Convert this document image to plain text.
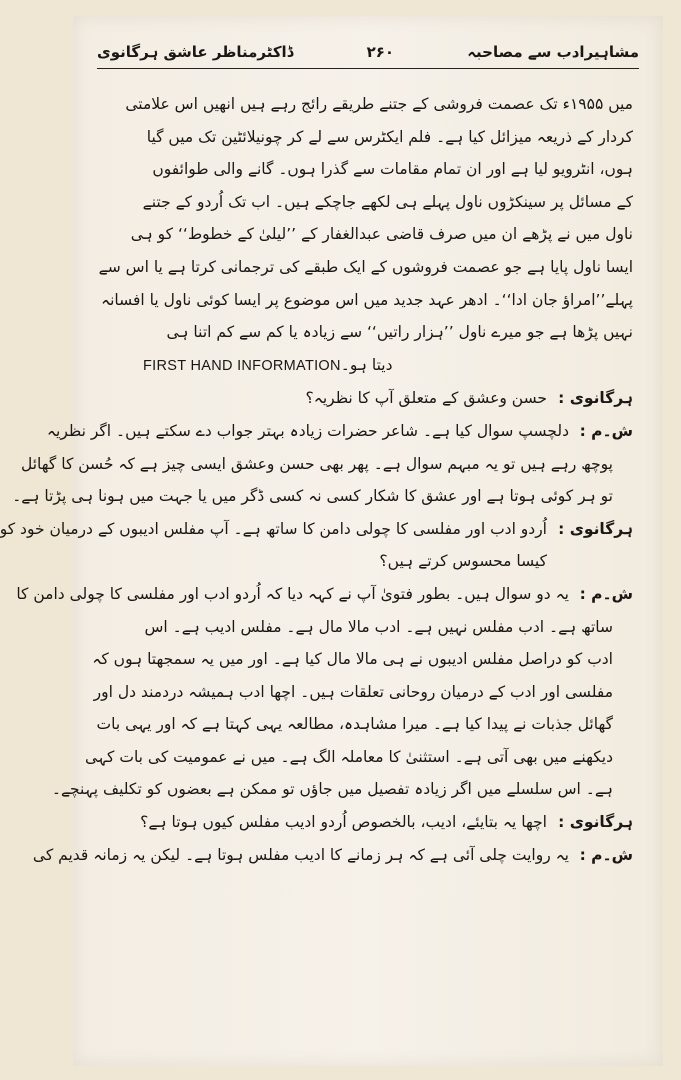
مشاہیرادب سے مصاحبہ
۲۶۰
ڈاکٹرمناظر عاشق ہرگانوی
میں ۱۹۵۵ء تک عصمت فروشی کے جتنے طریقے رائج رہے ہیں انھیں اس علامتی
کردار کے ذریعہ میزائل کیا ہے۔ فلم ایکٹرس سے لے کر چونیلائٹین تک میں گیا
ہوں، انٹرویو لیا ہے اور ان تمام مقامات سے گذرا ہوں۔ گانے والی طوائفوں
کے مسائل پر سینکڑوں ناول پہلے ہی لکھے جاچکے ہیں۔ اب تک اُردو کے جتنے
ناول میں نے پڑھے ان میں صرف قاضی عبدالغفار کے ’’لیلیٰ کے خطوط‘‘ کو ہی
ایسا ناول پایا ہے جو عصمت فروشوں کے ایک طبقے کی ترجمانی کرتا ہے یا اس سے
پہلے’’امراؤ جان ادا‘‘۔ ادھر عہد جدید میں اس موضوع پر ایسا کوئی ناول یا افسانہ
نہیں پڑھا ہے جو میرے ناول ’’ہزار راتیں‘‘ سے زیادہ یا کم سے کم اتنا ہی
FIRST HAND INFORMATIONدیتا ہو۔
ہرگانوی :
حسن وعشق کے متعلق آپ کا نظریہ؟
ش۔م :
دلچسپ سوال کیا ہے۔ شاعر حضرات زیادہ بہتر جواب دے سکتے ہیں۔ اگر نظریہ
پوچھ رہے ہیں تو یہ مبہم سوال ہے۔ پھر بھی حسن وعشق ایسی چیز ہے کہ حُسن کا گھائل
تو ہر کوئی ہوتا ہے اور عشق کا شکار کسی نہ کسی ڈگر میں یا جہت میں ہونا ہی پڑتا ہے۔
ہرگانوی :
اُردو ادب اور مفلسی کا چولی دامن کا ساتھ ہے۔ آپ مفلس ادیبوں کے درمیان خود کو
کیسا محسوس کرتے ہیں؟
ش۔م :
یہ دو سوال ہیں۔ بطور فتویٰ آپ نے کہہ دیا کہ اُردو ادب اور مفلسی کا چولی دامن کا
ساتھ ہے۔ ادب مفلس نہیں ہے۔ ادب مالا مال ہے۔ مفلس ادیب ہے۔ اس
ادب کو دراصل مفلس ادیبوں نے ہی مالا مال کیا ہے۔ اور میں یہ سمجھتا ہوں کہ
مفلسی اور ادب کے درمیان روحانی تعلقات ہیں۔ اچھا ادب ہمیشہ دردمند دل اور
گھائل جذبات نے پیدا کیا ہے۔ میرا مشاہدہ، مطالعہ یہی کہتا ہے کہ اور یہی بات
دیکھنے میں بھی آتی ہے۔ استثنیٰ کا معاملہ الگ ہے۔ میں نے عمومیت کی بات کہی
ہے۔ اس سلسلے میں اگر زیادہ تفصیل میں جاؤں تو ممکن ہے بعضوں کو تکلیف پہنچے۔
ہرگانوی :
اچھا یہ بتایئے، ادیب، بالخصوص اُردو ادیب مفلس کیوں ہوتا ہے؟
ش۔م :
یہ روایت چلی آئی ہے کہ ہر زمانے کا ادیب مفلس ہوتا ہے۔ لیکن یہ زمانہ قدیم کی
